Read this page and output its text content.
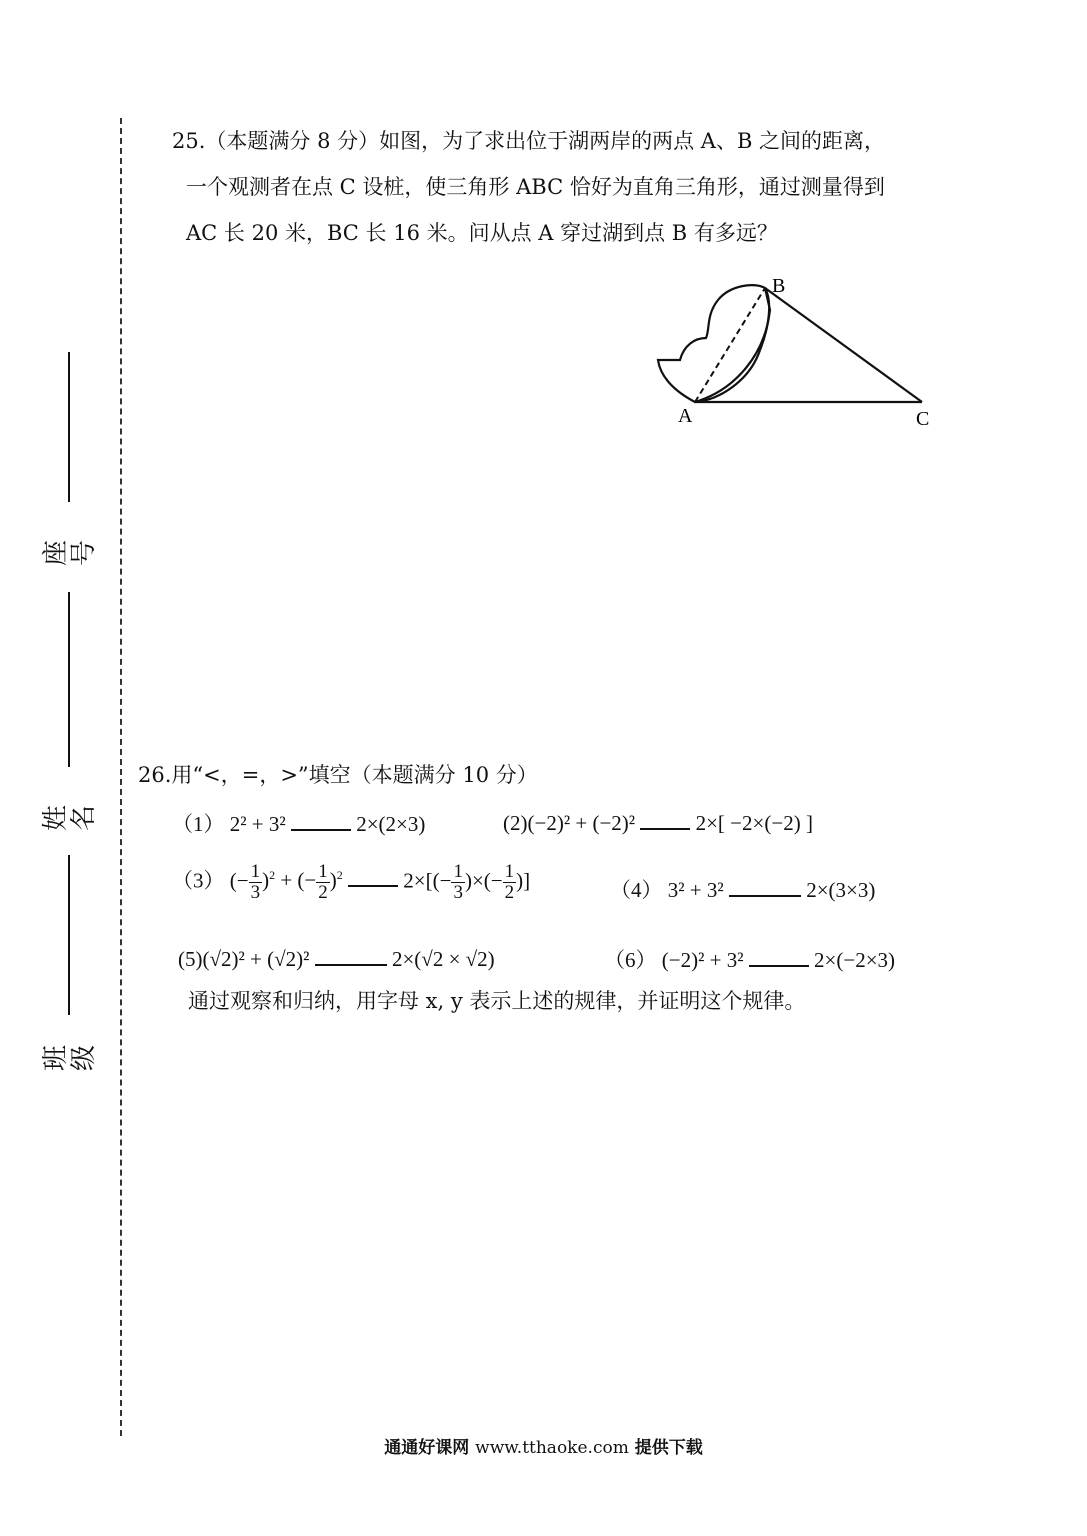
座号
姓名
班级
25.（本题满分 8 分）如图，为了求出位于湖两岸的两点 A、B 之间的距离，
一个观测者在点 C 设桩，使三角形 ABC 恰好为直角三角形，通过测量得到
AC 长 20 米，BC 长 16 米。问从点 A 穿过湖到点 B 有多远？
A
B
C
26.用“<，=，>”填空（本题满分 10 分）
（1） 2² + 3²	2×(2×3)	(2)(−2)² + (−2)²	2×[ −2×(−2) ]
（3） (− $\frac{1}{3} )^2$ + (− $\frac{1}{2} )^2$	$2\times[(- \frac{1}{3}$ )×(− $\frac{1}{2}$ )]	（4） 3² + 3²	2×(3×3)
(5)(√2)² + (√2)²	2×(√2 × √2)	（6） (−2)² + 3²	2×(−2×3)
通过观察和归纳，用字母 x, y 表示上述的规律，并证明这个规律。
通通好课网 www.tthaoke.com 提供下载
